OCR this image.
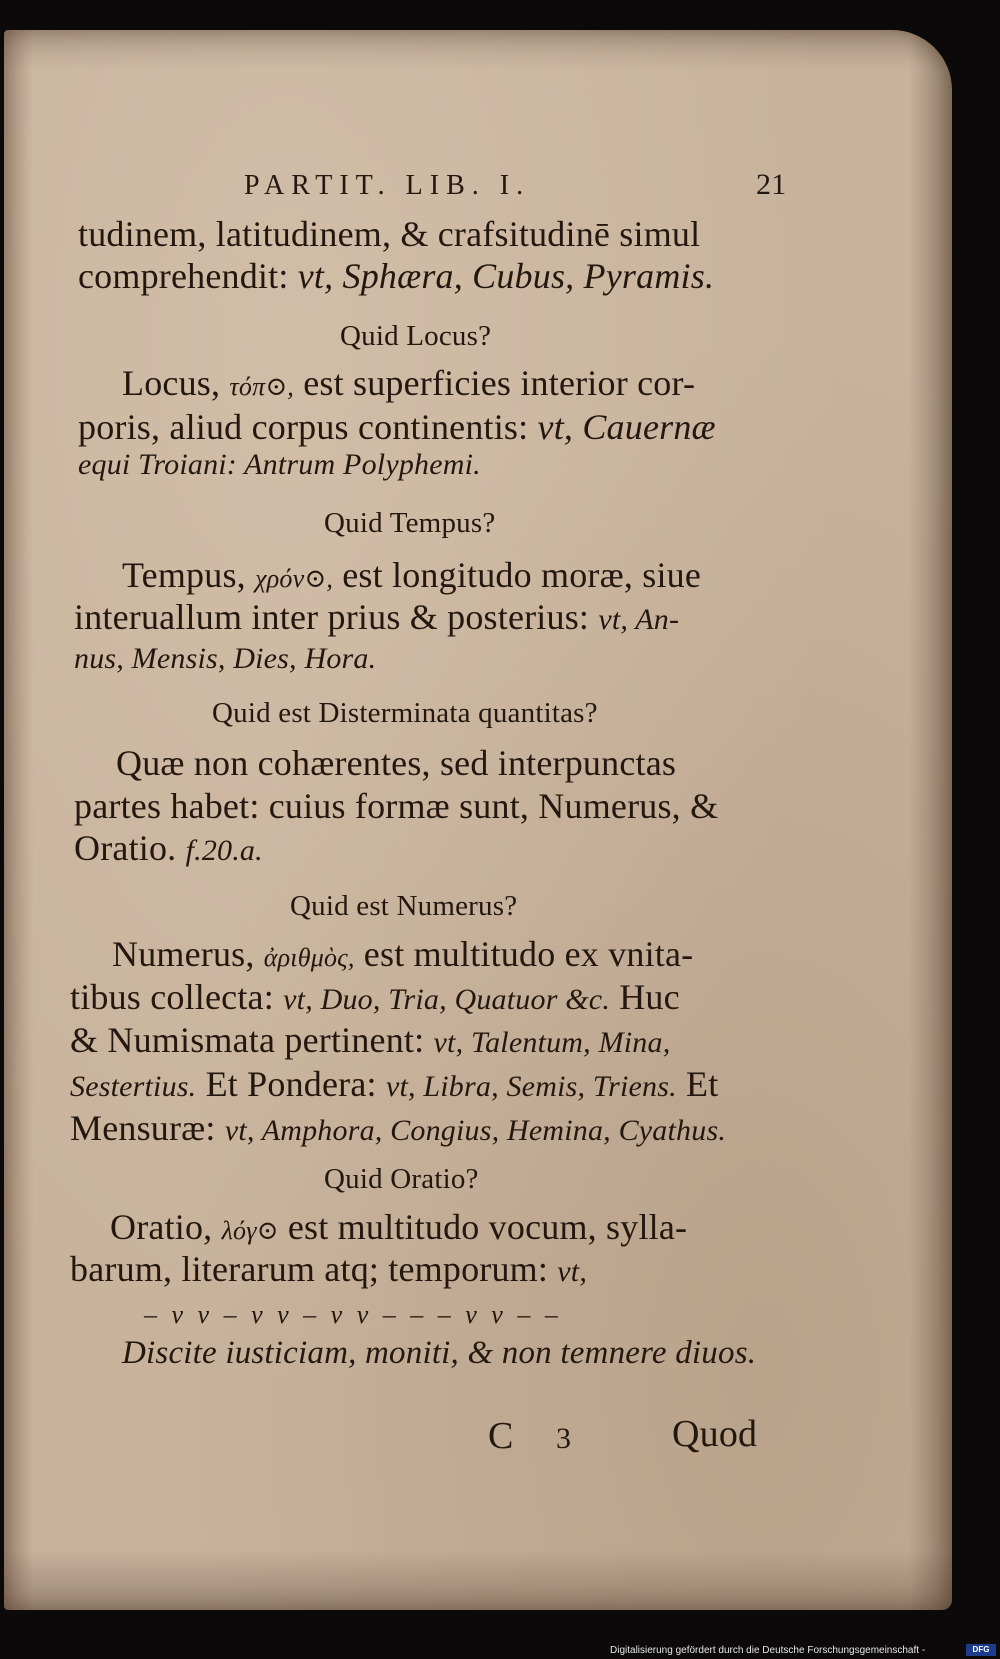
PARTIT. LIB. I.	21
tudinem, latitudinem, & crafsitudinē simul
comprehendit: vt, Sphæra, Cubus, Pyramis.
Quid Locus?
Locus, τόπ⊙, est superficies interior cor-
poris, aliud corpus continentis: vt, Cauernæ
equi Troiani: Antrum Polyphemi.
Quid Tempus?
Tempus, χρόν⊙, est longitudo moræ, siue
interuallum inter prius & posterius: vt, An-
nus, Mensis, Dies, Hora.
Quid est Disterminata quantitas?
Quæ non cohærentes, sed interpunctas
partes habet: cuius formæ sunt, Numerus, &
Oratio. f.20.a.
Quid est Numerus?
Numerus, ἀριθμὸς, est multitudo ex vnita-
tibus collecta: vt, Duo, Tria, Quatuor &c. Huc
& Numismata pertinent: vt, Talentum, Mina,
Sestertius. Et Pondera: vt, Libra, Semis, Triens. Et
Mensuræ: vt, Amphora, Congius, Hemina, Cyathus.
Quid Oratio?
Oratio, λόγ⊙ est multitudo vocum, sylla-
barum, literarum atq; temporum: vt,
– v v – v v – v v – – – v v – –
Discite iusticiam, moniti, & non temnere diuos.
C 3	Quod
Digitalisierung gefördert durch die Deutsche Forschungsgemeinschaft -	DFG
